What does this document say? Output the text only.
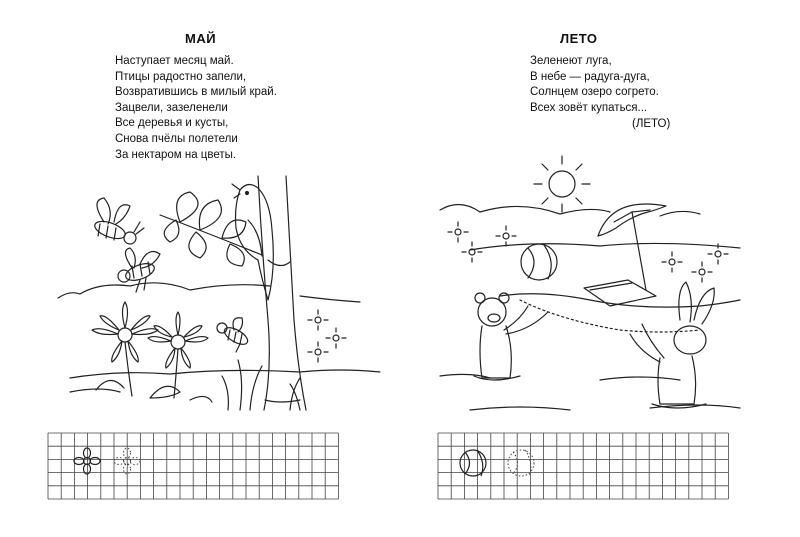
МАЙ
Наступает месяц май.
Птицы радостно запели,
Возвратившись в милый край.
Зацвели, зазеленели
Все деревья и кусты,
Снова пчёлы полетели
За нектаром на цветы.
ЛЕТО
Зеленеют луга,
В небе — радуга-дуга,
Солнцем озеро согрето.
Всех зовёт купаться...
(ЛЕТО)
